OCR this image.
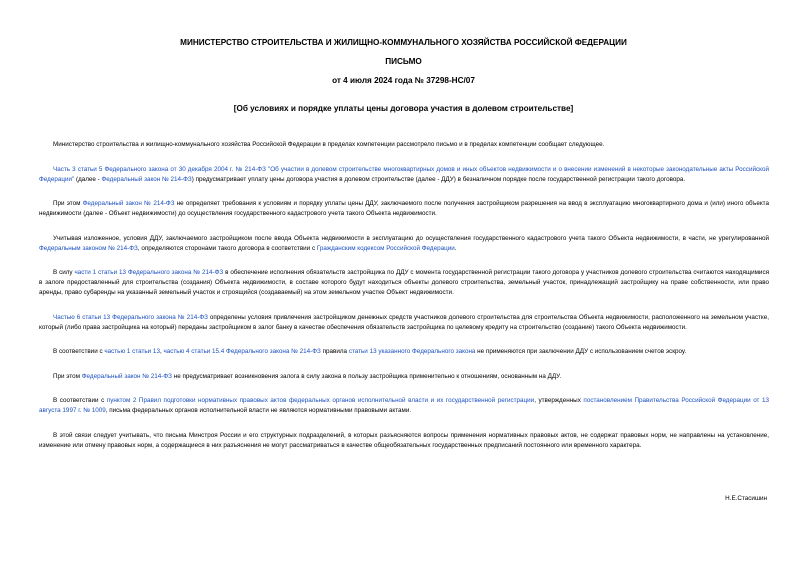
МИНИСТЕРСТВО СТРОИТЕЛЬСТВА И ЖИЛИЩНО-КОММУНАЛЬНОГО ХОЗЯЙСТВА РОССИЙСКОЙ ФЕДЕРАЦИИ
ПИСЬМО
от 4 июля 2024 года № 37298-НС/07
[Об условиях и порядке уплаты цены договора участия в долевом строительстве]

Министерство строительства и жилищно-коммунального хозяйства Российской Федерации в пределах компетенции рассмотрело письмо и в пределах компетенции сообщает следующее.

Часть 3 статьи 5 Федерального закона от 30 декабря 2004 г. № 214-ФЗ "Об участии в долевом строительстве многоквартирных домов и иных объектов недвижимости и о внесении изменений в некоторые законодательные акты Российской Федерации" (далее - Федеральный закон № 214-ФЗ) предусматривает уплату цены договора участия в долевом строительстве (далее - ДДУ) в безналичном порядке после государственной регистрации такого договора.

При этом Федеральный закон № 214-ФЗ не определяет требования к условиям и порядку уплаты цены ДДУ, заключаемого после получения застройщиком разрешения на ввод в эксплуатацию многоквартирного дома и (или) иного объекта недвижимости (далее - Объект недвижимости) до осуществления государственного кадастрового учета такого Объекта недвижимости.

Учитывая изложенное, условия ДДУ, заключаемого застройщиком после ввода Объекта недвижимости в эксплуатацию до осуществления государственного кадастрового учета такого Объекта недвижимости, в части, не урегулированной Федеральным законом № 214-ФЗ, определяются сторонами такого договора в соответствии с Гражданским кодексом Российской Федерации.

В силу части 1 статьи 13 Федерального закона № 214-ФЗ в обеспечение исполнения обязательств застройщика по ДДУ с момента государственной регистрации такого договора у участников долевого строительства считаются находящимися в залоге предоставленный для строительства (создания) Объекта недвижимости, в составе которого будут находиться объекты долевого строительства, земельный участок, принадлежащий застройщику на праве собственности, или право аренды, право субаренды на указанный земельный участок и строящийся (создаваемый) на этом земельном участке Объект недвижимости.

Частью 6 статьи 13 Федерального закона № 214-ФЗ определены условия привлечения застройщиком денежных средств участников долевого строительства для строительства Объекта недвижимости, расположенного на земельном участке, который (либо права застройщика на который) переданы застройщиком в залог банку в качестве обеспечения обязательств застройщика по целевому кредиту на строительство (создание) такого Объекта недвижимости.

В соответствии с частью 1 статьи 13, частью 4 статьи 15.4 Федерального закона № 214-ФЗ правила статьи 13 указанного Федерального закона не применяются при заключении ДДУ с использованием счетов эскроу.

При этом Федеральный закон № 214-ФЗ не предусматривает возникновения залога в силу закона в пользу застройщика применительно к отношениям, основанным на ДДУ.

В соответствии с пунктом 2 Правил подготовки нормативных правовых актов федеральных органов исполнительной власти и их государственной регистрации, утвержденных постановлением Правительства Российской Федерации от 13 августа 1997 г. № 1009, письма федеральных органов исполнительной власти не являются нормативными правовыми актами.

В этой связи следует учитывать, что письма Минстроя России и его структурных подразделений, в которых разъясняются вопросы применения нормативных правовых актов, не содержат правовых норм, не направлены на установление, изменение или отмену правовых норм, а содержащиеся в них разъяснения не могут рассматриваться в качестве общеобязательных государственных предписаний постоянного или временного характера.

Н.Е.Стасишин
